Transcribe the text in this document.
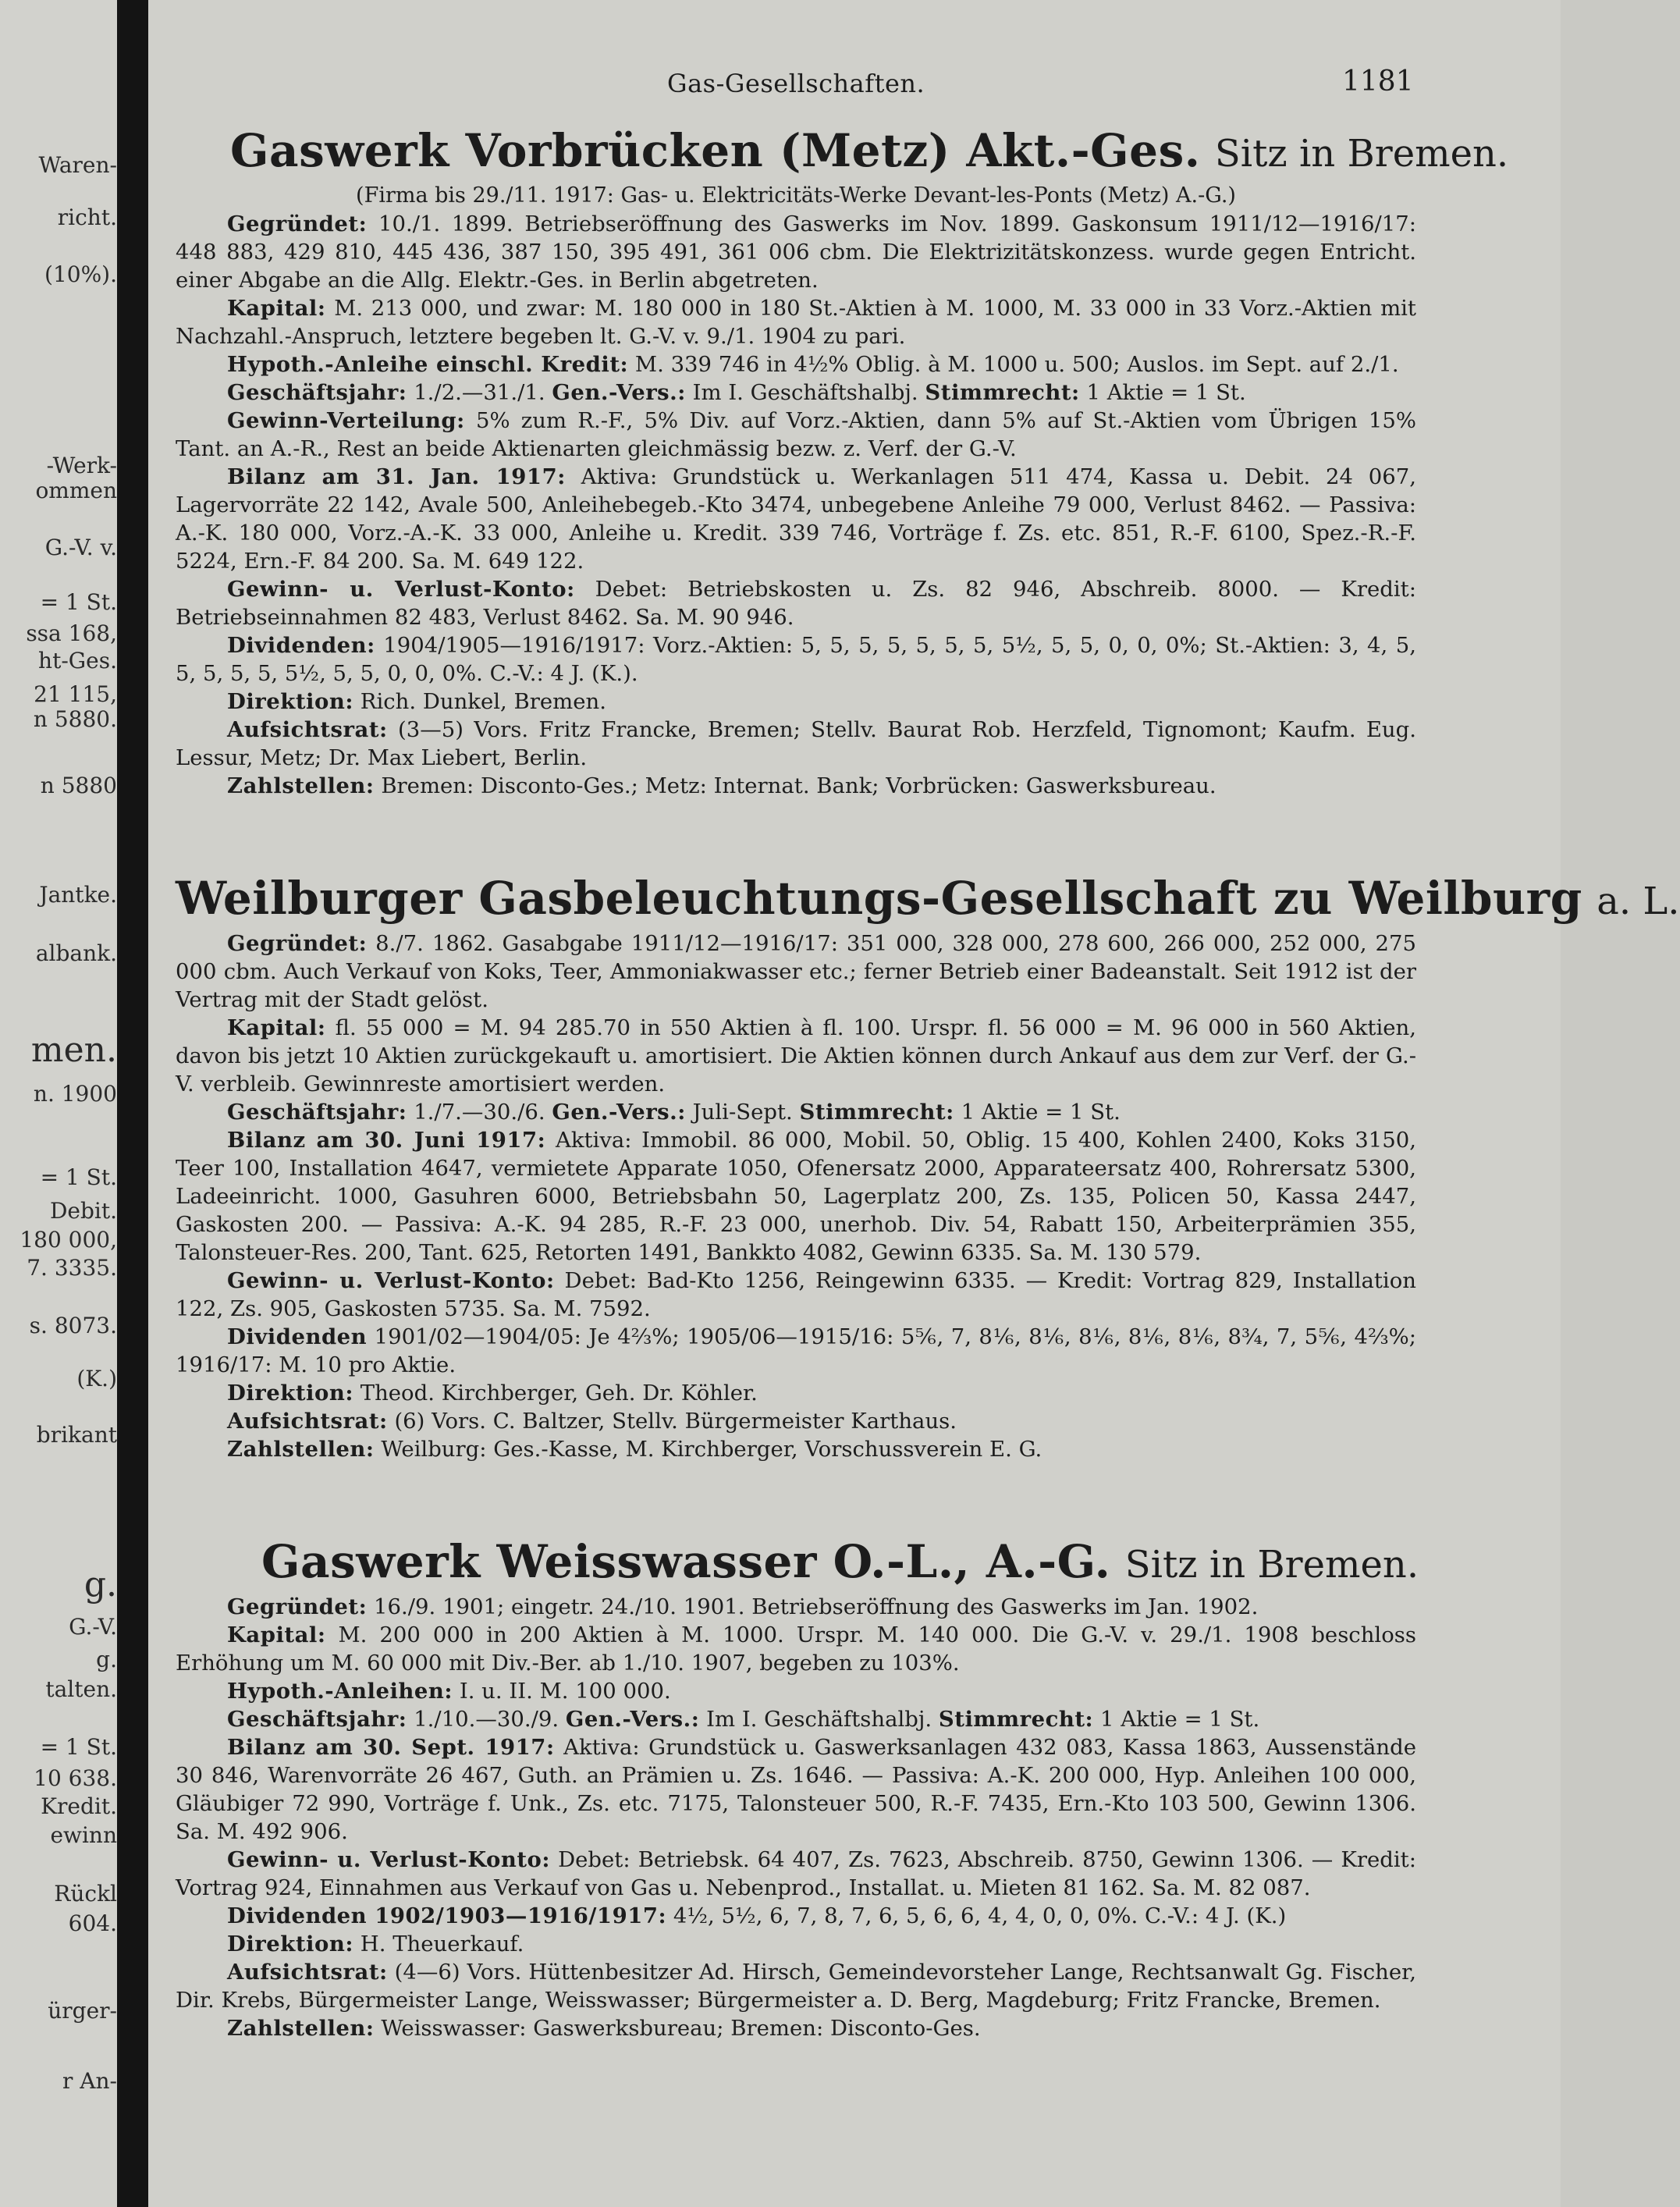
Waren-
richt.
(10%).
-Werk-
ommen
G.-V. v.
= 1 St.
ssa 168,
ht-Ges.
21 115,
n 5880.
n 5880
Jantke.
albank.
men.
n. 1900
= 1 St.
Debit.
180 000,
7. 3335.
s. 8073.
(K.)
brikant
g.
G.-V.
g.
talten.
= 1 St.
10 638.
Kredit.
ewinn
Rückl
604.
ürger-
r An-
Gas-Gesellschaften.	1181
Gaswerk Vorbrücken (Metz) Akt.-Ges. Sitz in Bremen.

(Firma bis 29./11. 1917: Gas- u. Elektricitäts-Werke Devant-les-Ponts (Metz) A.-G.)

Gegründet: 10./1. 1899. Betriebseröffnung des Gaswerks im Nov. 1899. Gaskonsum 1911/12—1916/17: 448 883, 429 810, 445 436, 387 150, 395 491, 361 006 cbm. Die Elektrizitätskonzess. wurde gegen Entricht. einer Abgabe an die Allg. Elektr.-Ges. in Berlin abgetreten.

Kapital: M. 213 000, und zwar: M. 180 000 in 180 St.-Aktien à M. 1000, M. 33 000 in 33 Vorz.-Aktien mit Nachzahl.-Anspruch, letztere begeben lt. G.-V. v. 9./1. 1904 zu pari.

Hypoth.-Anleihe einschl. Kredit: M. 339 746 in 4½% Oblig. à M. 1000 u. 500; Auslos. im Sept. auf 2./1.

Geschäftsjahr: 1./2.—31./1. Gen.-Vers.: Im I. Geschäftshalbj. Stimmrecht: 1 Aktie = 1 St.

Gewinn-Verteilung: 5% zum R.-F., 5% Div. auf Vorz.-Aktien, dann 5% auf St.-Aktien vom Übrigen 15% Tant. an A.-R., Rest an beide Aktienarten gleichmässig bezw. z. Verf. der G.-V.

Bilanz am 31. Jan. 1917: Aktiva: Grundstück u. Werkanlagen 511 474, Kassa u. Debit. 24 067, Lagervorräte 22 142, Avale 500, Anleihebegeb.-Kto 3474, unbegebene Anleihe 79 000, Verlust 8462. — Passiva: A.-K. 180 000, Vorz.-A.-K. 33 000, Anleihe u. Kredit. 339 746, Vorträge f. Zs. etc. 851, R.-F. 6100, Spez.-R.-F. 5224, Ern.-F. 84 200. Sa. M. 649 122.

Gewinn- u. Verlust-Konto: Debet: Betriebskosten u. Zs. 82 946, Abschreib. 8000. — Kredit: Betriebseinnahmen 82 483, Verlust 8462. Sa. M. 90 946.

Dividenden: 1904/1905—1916/1917: Vorz.-Aktien: 5, 5, 5, 5, 5, 5, 5, 5½, 5, 5, 0, 0, 0%; St.-Aktien: 3, 4, 5, 5, 5, 5, 5, 5½, 5, 5, 0, 0, 0%. C.-V.: 4 J. (K.).

Direktion: Rich. Dunkel, Bremen.

Aufsichtsrat: (3—5) Vors. Fritz Francke, Bremen; Stellv. Baurat Rob. Herzfeld, Tignomont; Kaufm. Eug. Lessur, Metz; Dr. Max Liebert, Berlin.

Zahlstellen: Bremen: Disconto-Ges.; Metz: Internat. Bank; Vorbrücken: Gaswerksbureau.

Weilburger Gasbeleuchtungs-Gesellschaft zu Weilburg a. L.

Gegründet: 8./7. 1862. Gasabgabe 1911/12—1916/17: 351 000, 328 000, 278 600, 266 000, 252 000, 275 000 cbm. Auch Verkauf von Koks, Teer, Ammoniakwasser etc.; ferner Betrieb einer Badeanstalt. Seit 1912 ist der Vertrag mit der Stadt gelöst.

Kapital: fl. 55 000 = M. 94 285.70 in 550 Aktien à fl. 100. Urspr. fl. 56 000 = M. 96 000 in 560 Aktien, davon bis jetzt 10 Aktien zurückgekauft u. amortisiert. Die Aktien können durch Ankauf aus dem zur Verf. der G.-V. verbleib. Gewinnreste amortisiert werden.

Geschäftsjahr: 1./7.—30./6. Gen.-Vers.: Juli-Sept. Stimmrecht: 1 Aktie = 1 St.

Bilanz am 30. Juni 1917: Aktiva: Immobil. 86 000, Mobil. 50, Oblig. 15 400, Kohlen 2400, Koks 3150, Teer 100, Installation 4647, vermietete Apparate 1050, Ofenersatz 2000, Apparateersatz 400, Rohrersatz 5300, Ladeeinricht. 1000, Gasuhren 6000, Betriebsbahn 50, Lagerplatz 200, Zs. 135, Policen 50, Kassa 2447, Gaskosten 200. — Passiva: A.-K. 94 285, R.-F. 23 000, unerhob. Div. 54, Rabatt 150, Arbeiterprämien 355, Talonsteuer-Res. 200, Tant. 625, Retorten 1491, Bankkto 4082, Gewinn 6335. Sa. M. 130 579.

Gewinn- u. Verlust-Konto: Debet: Bad-Kto 1256, Reingewinn 6335. — Kredit: Vortrag 829, Installation 122, Zs. 905, Gaskosten 5735. Sa. M. 7592.

Dividenden 1901/02—1904/05: Je 4⅔%; 1905/06—1915/16: 5⅚, 7, 8⅙, 8⅙, 8⅙, 8⅙, 8⅙, 8¾, 7, 5⅚, 4⅔%; 1916/17: M. 10 pro Aktie.

Direktion: Theod. Kirchberger, Geh. Dr. Köhler.

Aufsichtsrat: (6) Vors. C. Baltzer, Stellv. Bürgermeister Karthaus.

Zahlstellen: Weilburg: Ges.-Kasse, M. Kirchberger, Vorschussverein E. G.

Gaswerk Weisswasser O.-L., A.-G. Sitz in Bremen.

Gegründet: 16./9. 1901; eingetr. 24./10. 1901. Betriebseröffnung des Gaswerks im Jan. 1902.

Kapital: M. 200 000 in 200 Aktien à M. 1000. Urspr. M. 140 000. Die G.-V. v. 29./1. 1908 beschloss Erhöhung um M. 60 000 mit Div.-Ber. ab 1./10. 1907, begeben zu 103%.

Hypoth.-Anleihen: I. u. II. M. 100 000.

Geschäftsjahr: 1./10.—30./9. Gen.-Vers.: Im I. Geschäftshalbj. Stimmrecht: 1 Aktie = 1 St.

Bilanz am 30. Sept. 1917: Aktiva: Grundstück u. Gaswerksanlagen 432 083, Kassa 1863, Aussenstände 30 846, Warenvorräte 26 467, Guth. an Prämien u. Zs. 1646. — Passiva: A.-K. 200 000, Hyp. Anleihen 100 000, Gläubiger 72 990, Vorträge f. Unk., Zs. etc. 7175, Talonsteuer 500, R.-F. 7435, Ern.-Kto 103 500, Gewinn 1306. Sa. M. 492 906.

Gewinn- u. Verlust-Konto: Debet: Betriebsk. 64 407, Zs. 7623, Abschreib. 8750, Gewinn 1306. — Kredit: Vortrag 924, Einnahmen aus Verkauf von Gas u. Nebenprod., Installat. u. Mieten 81 162. Sa. M. 82 087.

Dividenden 1902/1903—1916/1917: 4½, 5½, 6, 7, 8, 7, 6, 5, 6, 6, 4, 4, 0, 0, 0%. C.-V.: 4 J. (K.)

Direktion: H. Theuerkauf.

Aufsichtsrat: (4—6) Vors. Hüttenbesitzer Ad. Hirsch, Gemeindevorsteher Lange, Rechtsanwalt Gg. Fischer, Dir. Krebs, Bürgermeister Lange, Weisswasser; Bürgermeister a. D. Berg, Magdeburg; Fritz Francke, Bremen.

Zahlstellen: Weisswasser: Gaswerksbureau; Bremen: Disconto-Ges.
